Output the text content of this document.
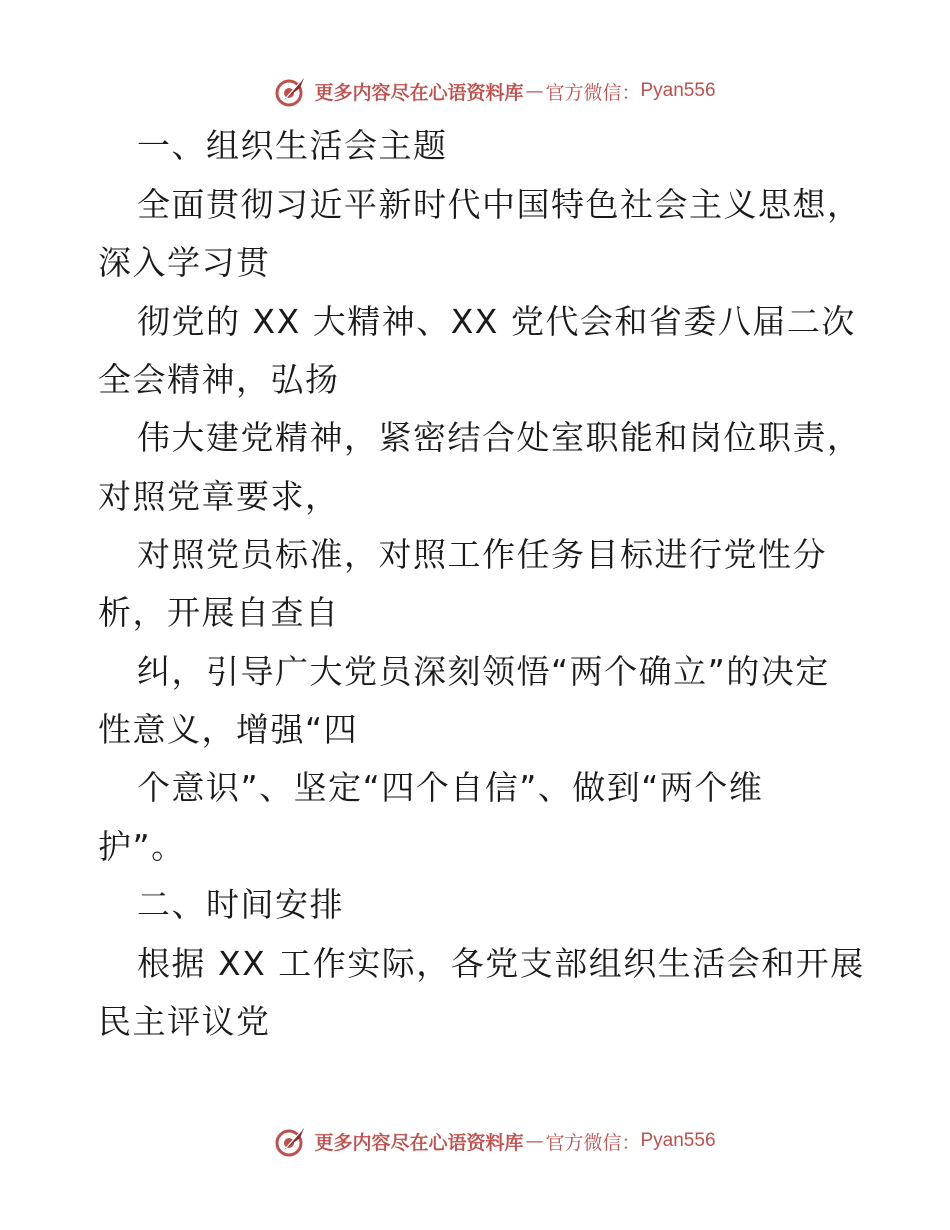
更多内容尽在心语资料库 — 官方微信： Pyan556
一、组织生活会主题
全面贯彻习近平新时代中国特色社会主义思想，
深入学习贯
彻党的 XX 大精神、XX 党代会和省委八届二次
全会精神，弘扬
伟大建党精神，紧密结合处室职能和岗位职责，
对照党章要求，
对照党员标准，对照工作任务目标进行党性分
析，开展自查自
纠，引导广大党员深刻领悟“两个确立”的决定
性意义，增强“四
个意识”、坚定“四个自信”、做到“两个维
护”。
二、时间安排
根据 XX 工作实际，各党支部组织生活会和开展
民主评议党
更多内容尽在心语资料库 — 官方微信： Pyan556
